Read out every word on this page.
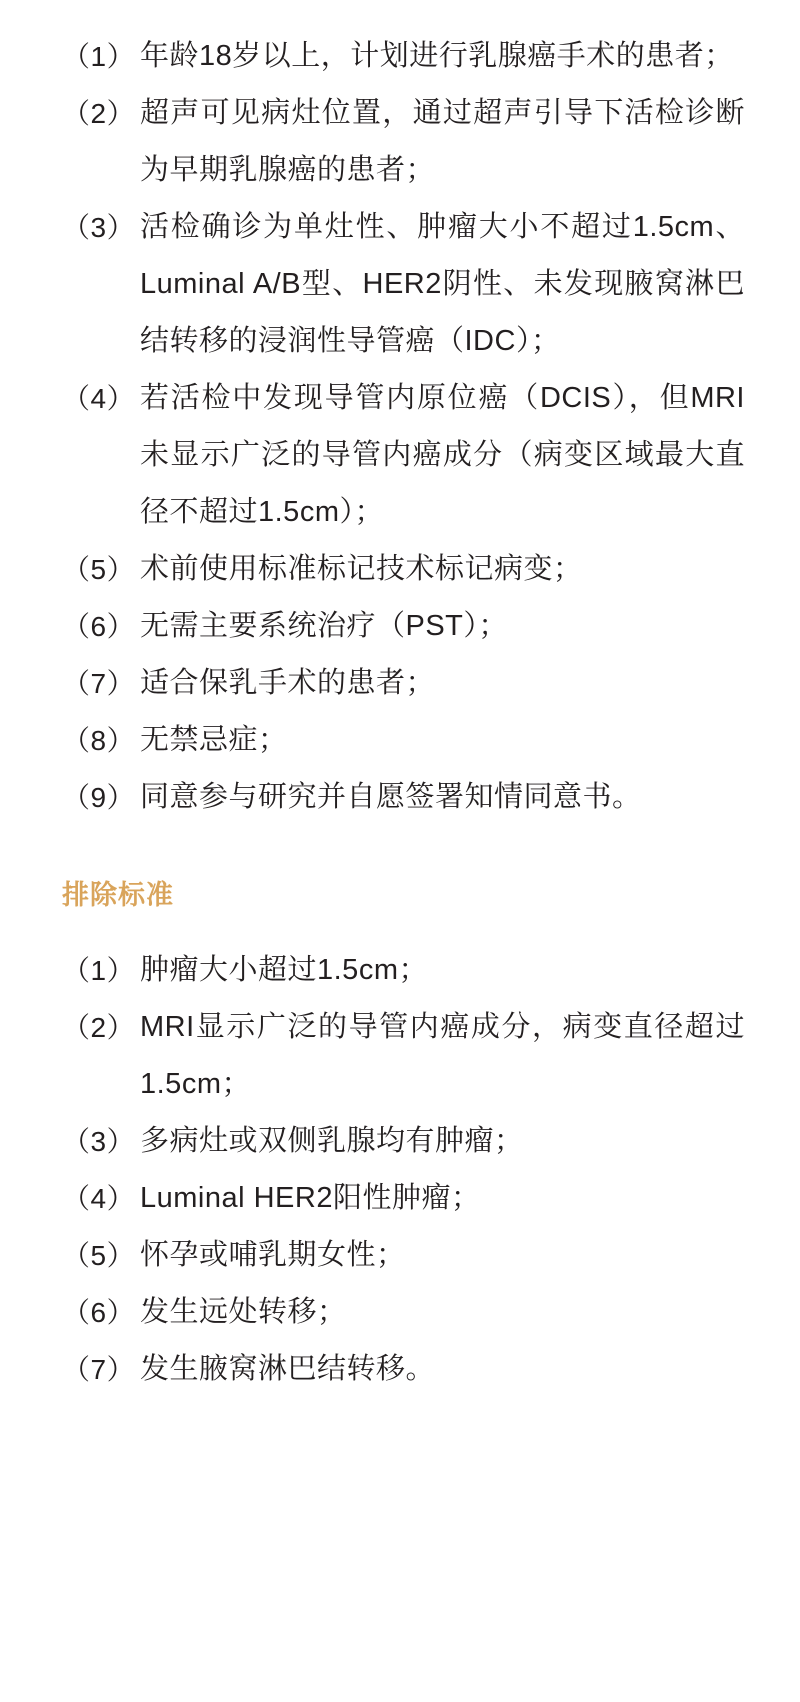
（1） 年龄18岁以上，计划进行乳腺癌手术的患者；
（2） 超声可见病灶位置，通过超声引导下活检诊断为早期乳腺癌的患者；
（3） 活检确诊为单灶性、肿瘤大小不超过1.5cm、Luminal A/B型、HER2阴性、未发现腋窝淋巴结转移的浸润性导管癌（IDC）；
（4） 若活检中发现导管内原位癌（DCIS），但MRI未显示广泛的导管内癌成分（病变区域最大直径不超过1.5cm）；
（5） 术前使用标准标记技术标记病变；
（6） 无需主要系统治疗（PST）；
（7） 适合保乳手术的患者；
（8） 无禁忌症；
（9） 同意参与研究并自愿签署知情同意书。
排除标准
（1） 肿瘤大小超过1.5cm；
（2） MRI显示广泛的导管内癌成分，病变直径超过1.5cm；
（3） 多病灶或双侧乳腺均有肿瘤；
（4） Luminal HER2阳性肿瘤；
（5） 怀孕或哺乳期女性；
（6） 发生远处转移；
（7） 发生腋窝淋巴结转移。
